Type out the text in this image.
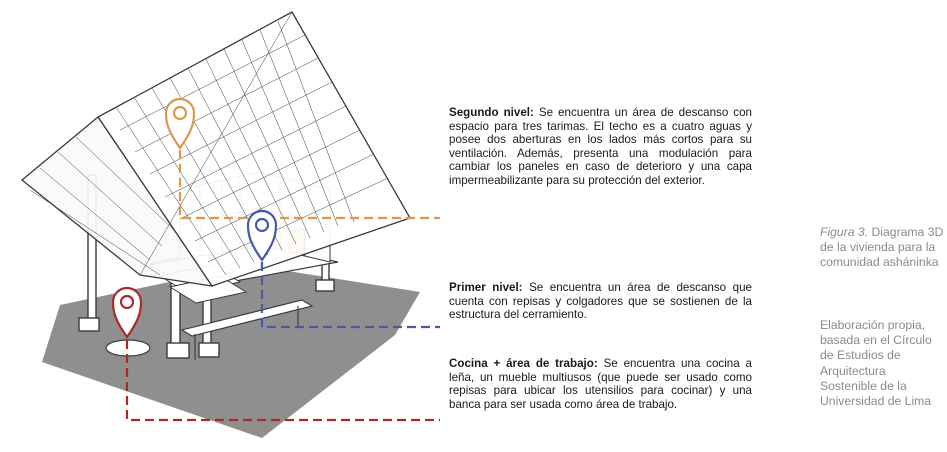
Segundo nivel: Se encuentra un área de descanso con espacio para tres tarimas. El techo es a cuatro aguas y posee dos aberturas en los lados más cortos para su ventilación. Además, presenta una modulación para cambiar los paneles en caso de deterioro y una capa impermeabilizante para su protección del exterior.

Primer nivel: Se encuentra un área de descanso que cuenta con repisas y colgadores que se sostienen de la estructura del cerramiento.

Cocina + área de trabajo: Se encuentra una cocina a leña, un mueble multiusos (que puede ser usado como repisas para ubicar los utensilios para cocinar) y una banca para ser usada como área de trabajo.

Figura 3. Diagrama 3D de la vivienda para la comunidad asháninka
Elaboración propia, basada en el Círculo de Estudios de Arquitectura Sostenible de la Universidad de Lima
